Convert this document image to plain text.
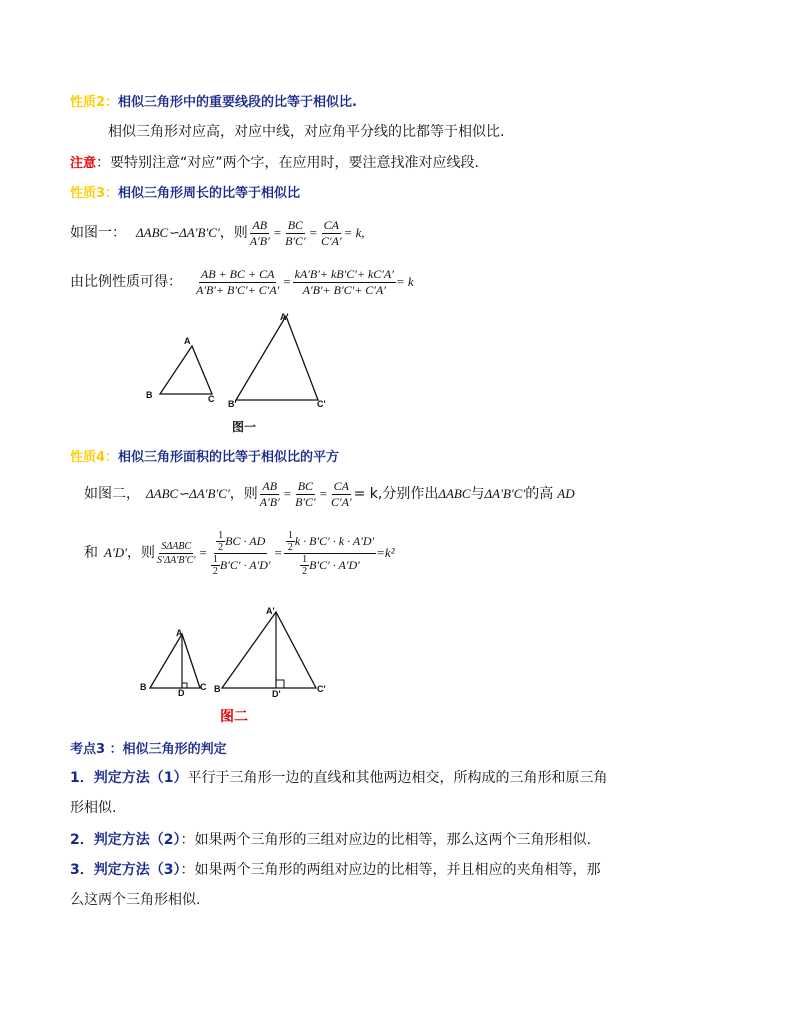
性质2：相似三角形中的重要线段的比等于相似比.
相似三角形对应高，对应中线，对应角平分线的比都等于相似比.
注意：要特别注意“对应”两个字，在应用时，要注意找准对应线段.
性质3：相似三角形周长的比等于相似比
如图一： ΔABC∽ΔA′B′C′ ，则 $\frac{AB}{A'B'} = \frac{BC}{B'C'} = \frac{CA}{C'A'} = k$,
由比例性质可得： $\frac{AB + BC + CA}{A'B'+ B'C'+ C'A'} = \frac{kA'B'+ kB'C'+ kC'A'}{A'B'+ B'C'+ C'A'} = k$
A
B	C
A'
B'	C'
图一
性质4：相似三角形面积的比等于相似比的平方
如图二， ΔABC∽ΔA′B′C′ ，则 $\frac{AB}{A'B'} = \frac{BC}{B'C'} = \frac{CA}{C'A'} = k$,分别作出 ΔABC 与 ΔA′B′C′ 的高 AD
和 A′D′ ，则 $\frac{\text{SΔABC}}{S'\Delta A'B'C'} = \frac{\frac{1}{2} BC \cdot AD}{\frac{1}{2} B'C' \cdot A'D'} = \frac{\frac{1}{2} k \cdot B'C' \cdot k \cdot A'D'}{\frac{1}{2} B'C' \cdot A'D'} =k^2$
A
B	C
D
A'
B	C'
D'
图二
考点3 ：相似三角形的判定
1．判定方法（1）平行于三角形一边的直线和其他两边相交，所构成的三角形和原三角
形相似.
2．判定方法（2）：如果两个三角形的三组对应边的比相等，那么这两个三角形相似.
3．判定方法（3）：如果两个三角形的两组对应边的比相等，并且相应的夹角相等，那
么这两个三角形相似.
